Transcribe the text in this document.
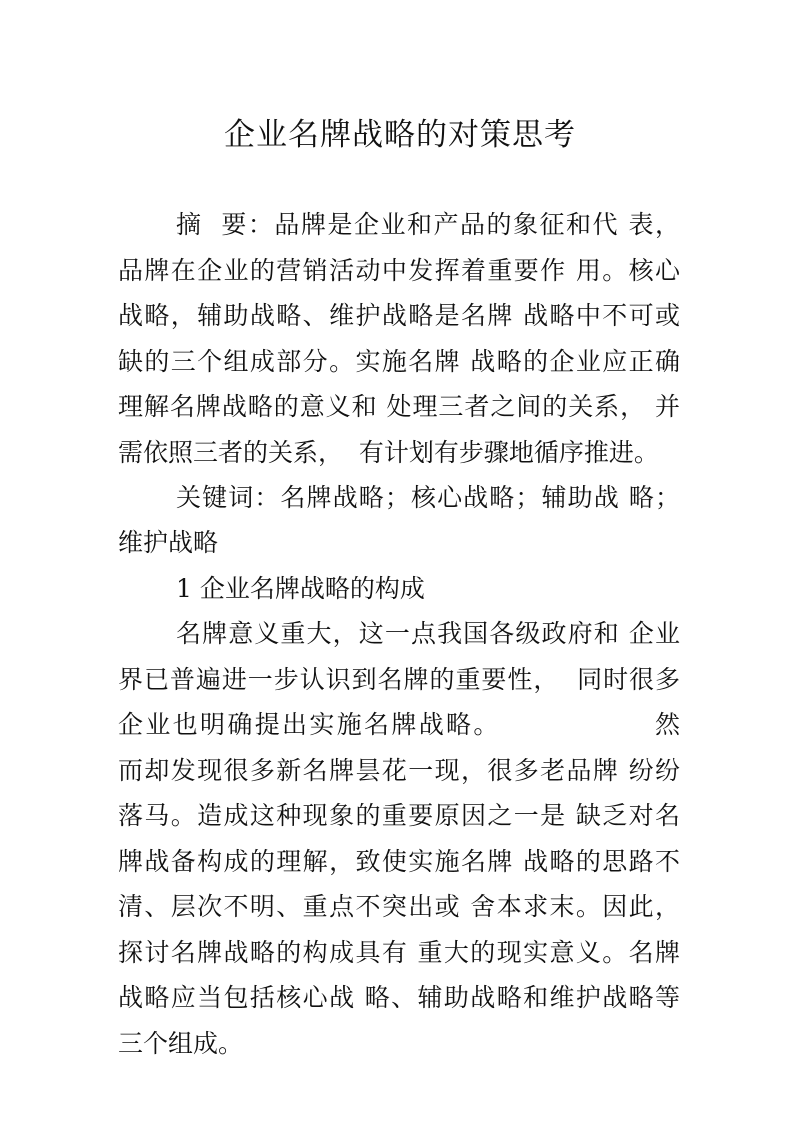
企业名牌战略的对策思考
摘  要：品牌是企业和产品的象征和代 表，
品牌在企业的营销活动中发挥着重要作 用。核心
战略，辅助战略、维护战略是名牌 战略中不可或
缺的三个组成部分。实施名牌 战略的企业应正确
理解名牌战略的意义和 处理三者之间的关系， 并
需依照三者的关系，  有计划有步骤地循序推进。
关键词：名牌战略；核心战略；辅助战 略；
维护战略
1 企业名牌战略的构成
名牌意义重大，这一点我国各级政府和 企业
界已普遍进一步认识到名牌的重要性，  同时很多
企业也明确提出实施名牌战略。               然
而却发现很多新名牌昙花一现，很多老品牌 纷纷
落马。造成这种现象的重要原因之一是 缺乏对名
牌战备构成的理解，致使实施名牌 战略的思路不
清、层次不明、重点不突出或 舍本求末。因此，
探讨名牌战略的构成具有 重大的现实意义。名牌
战略应当包括核心战 略、辅助战略和维护战略等
三个组成。
